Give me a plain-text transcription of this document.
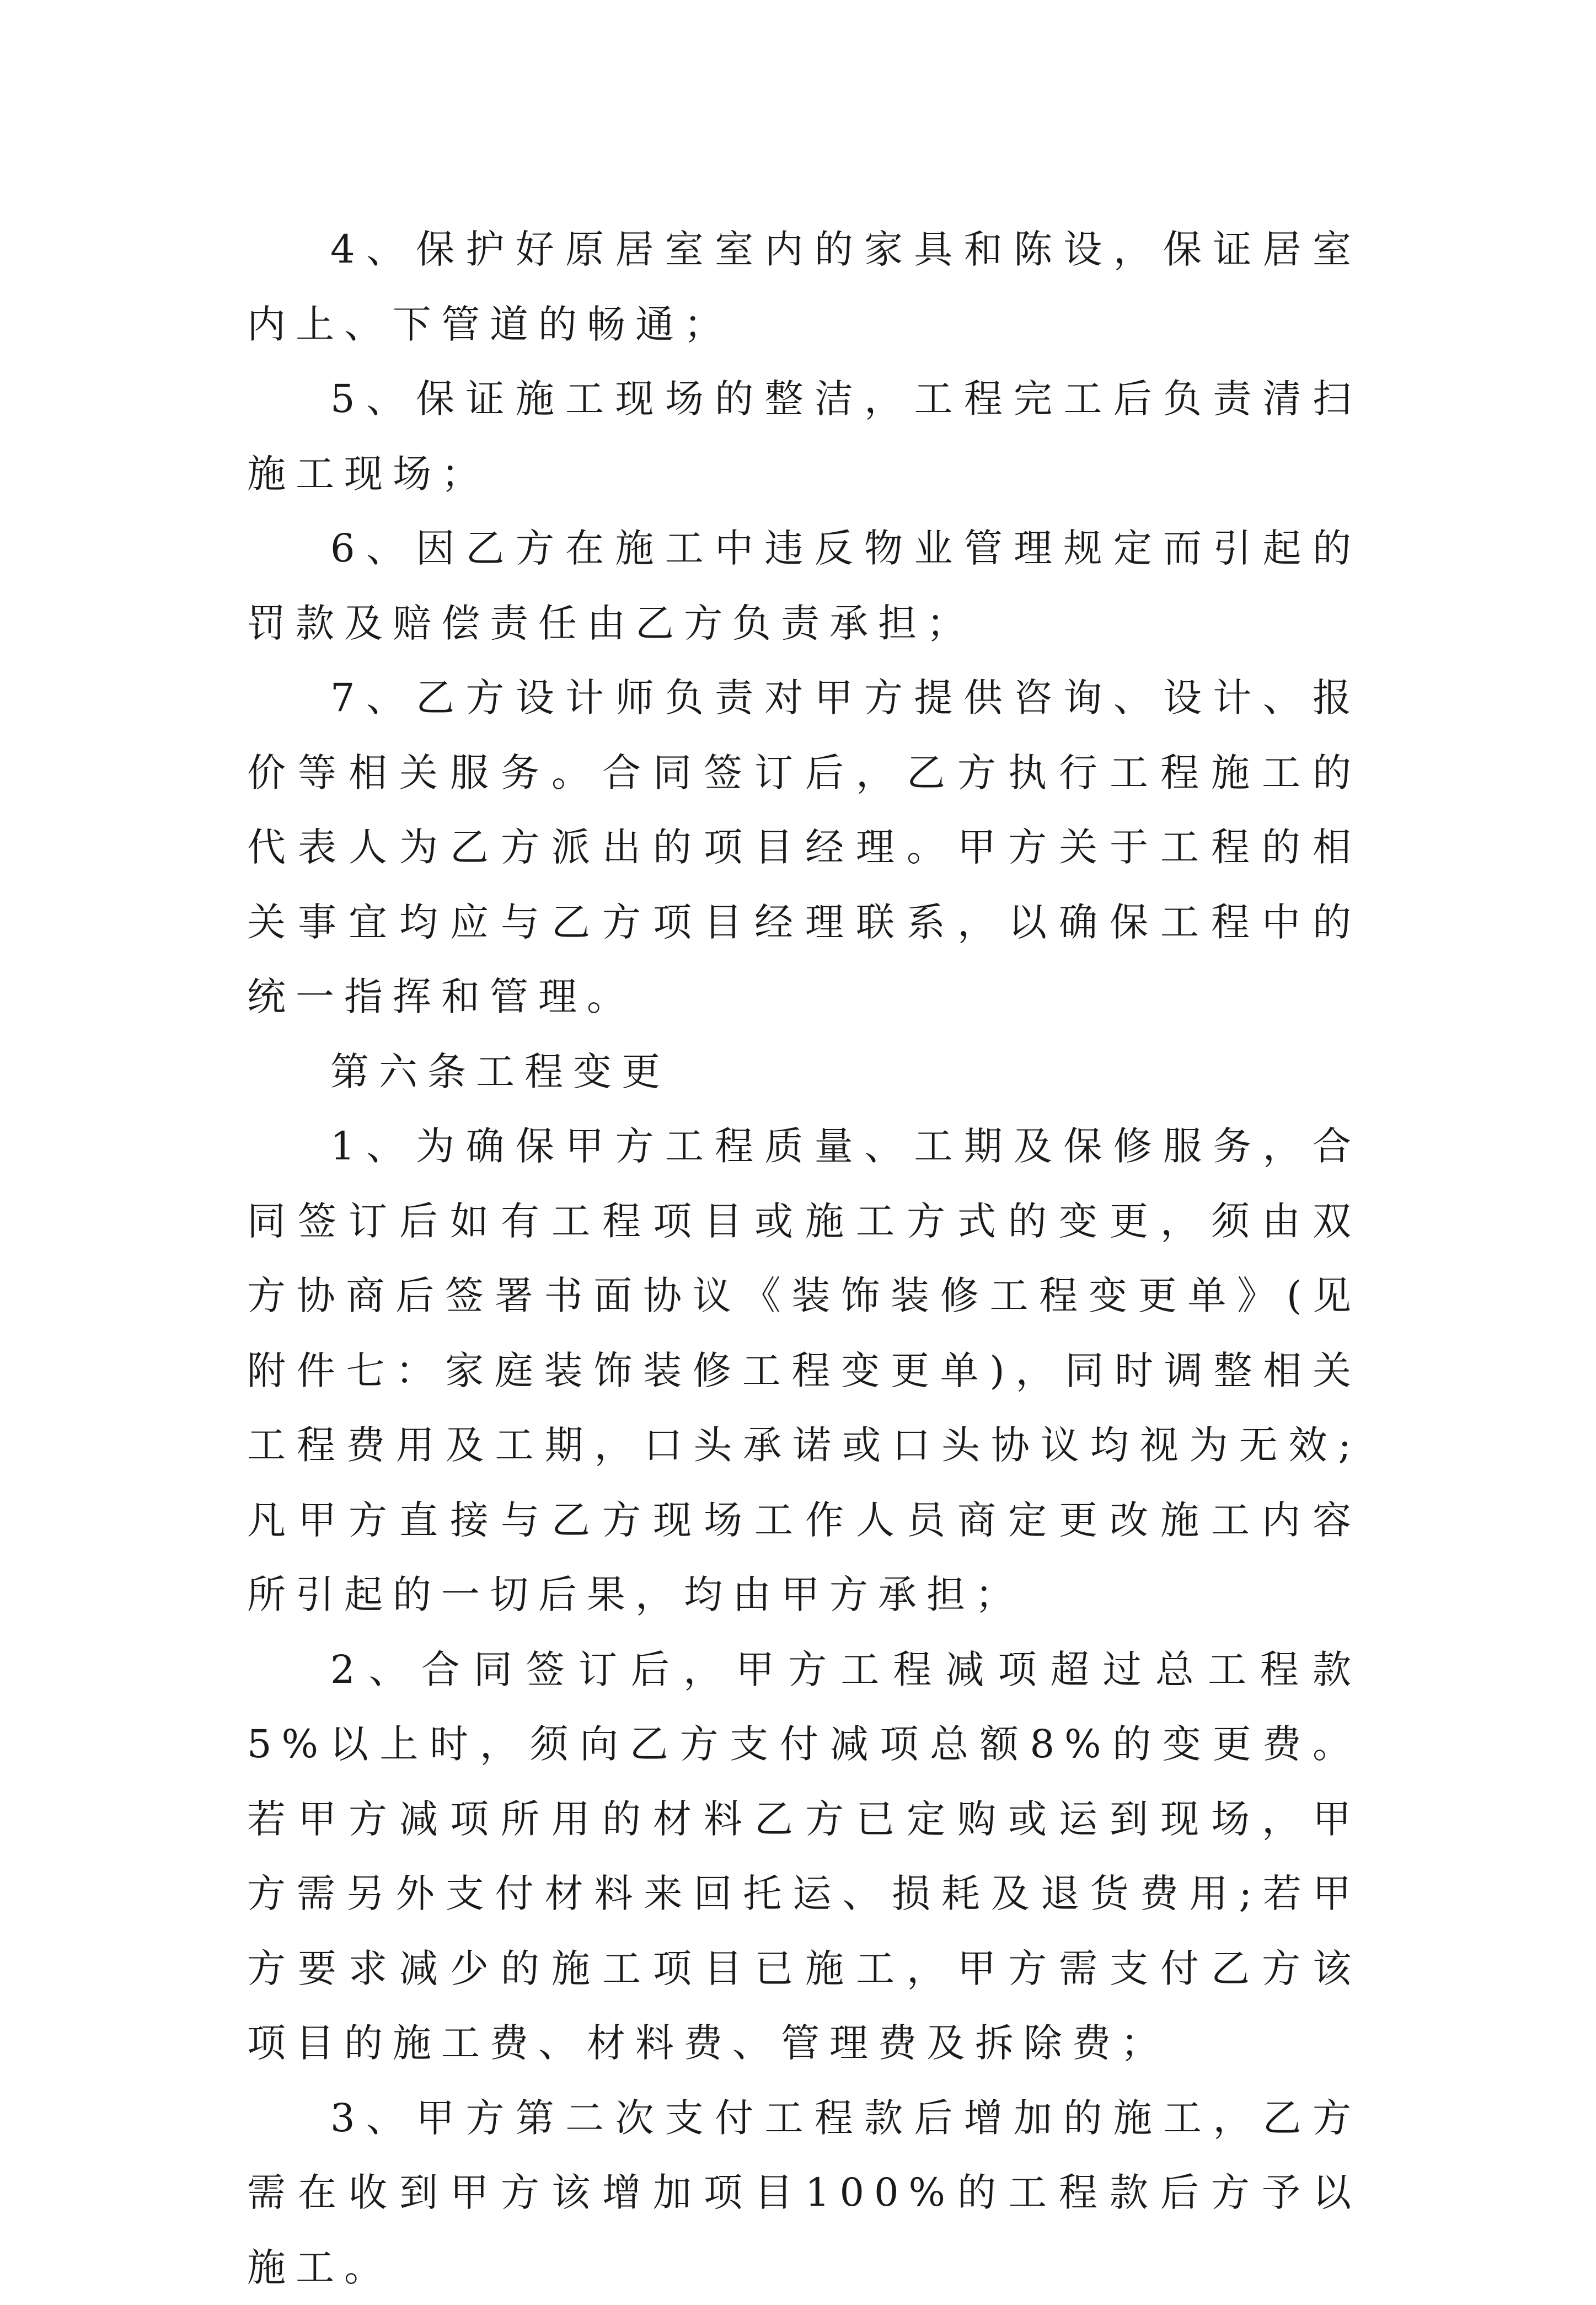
4、保护好原居室室内的家具和陈设，保证居室内上、下管道的畅通；

5、保证施工现场的整洁，工程完工后负责清扫施工现场；

6、因乙方在施工中违反物业管理规定而引起的罚款及赔偿责任由乙方负责承担；

7、乙方设计师负责对甲方提供咨询、设计、报价等相关服务。合同签订后，乙方执行工程施工的代表人为乙方派出的项目经理。甲方关于工程的相关事宜均应与乙方项目经理联系，以确保工程中的统一指挥和管理。

第六条工程变更

1、为确保甲方工程质量、工期及保修服务，合同签订后如有工程项目或施工方式的变更，须由双方协商后签署书面协议《装饰装修工程变更单》(见附件七：家庭装饰装修工程变更单)，同时调整相关工程费用及工期，口头承诺或口头协议均视为无效;凡甲方直接与乙方现场工作人员商定更改施工内容所引起的一切后果，均由甲方承担；

2、合同签订后，甲方工程减项超过总工程款5%以上时，须向乙方支付减项总额8%的变更费。若甲方减项所用的材料乙方已定购或运到现场，甲方需另外支付材料来回托运、损耗及退货费用;若甲方要求减少的施工项目已施工，甲方需支付乙方该项目的施工费、材料费、管理费及拆除费；

3、甲方第二次支付工程款后增加的施工，乙方需在收到甲方该增加项目100%的工程款后方予以施工。
